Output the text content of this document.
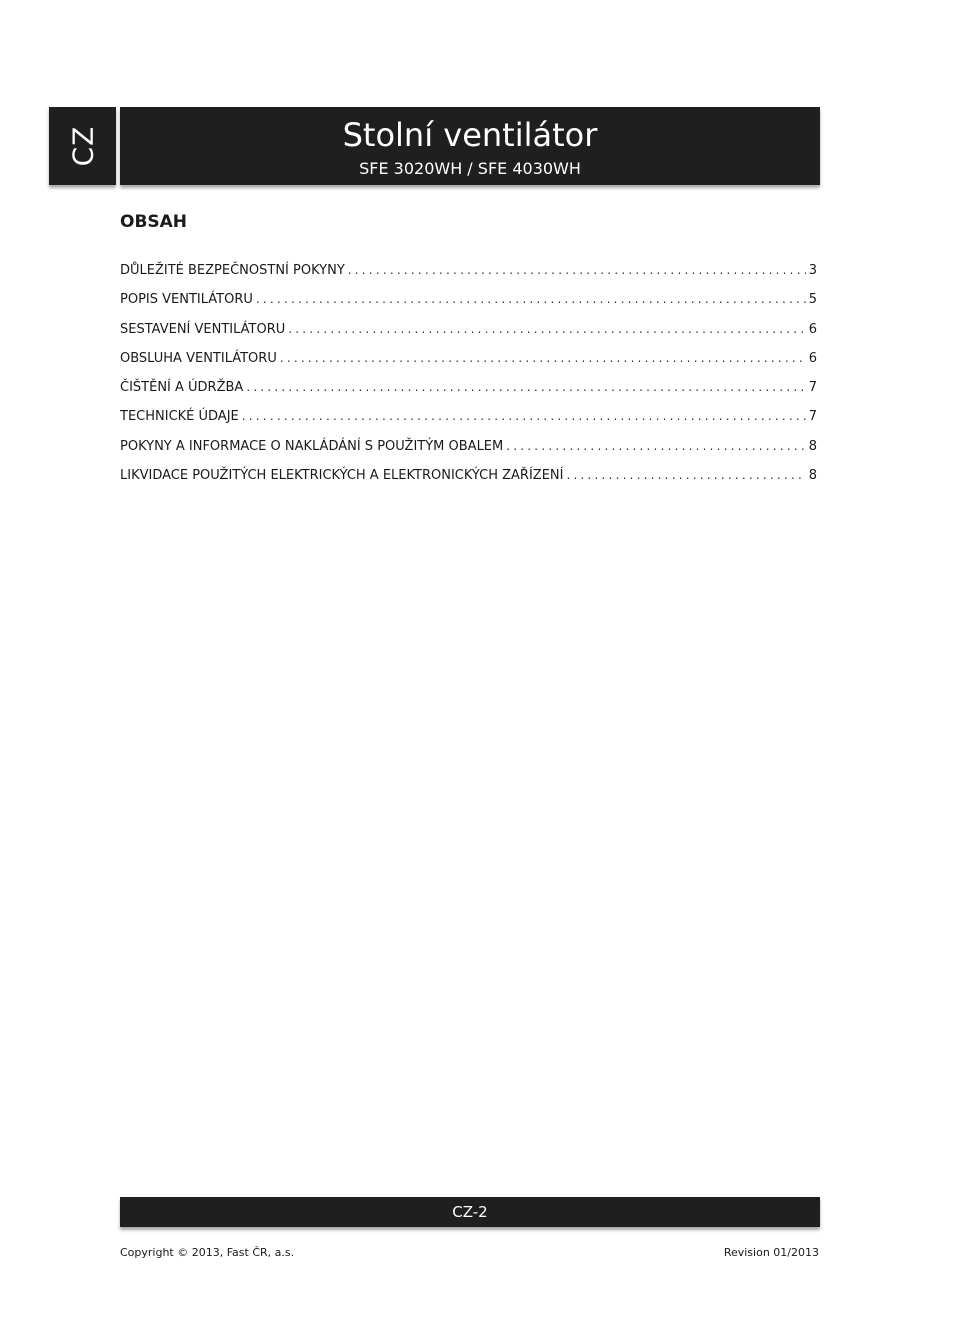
CZ	Stolní ventilátor
SFE 3020WH / SFE 4030WH
OBSAH
DŮLEŽITÉ BEZPEČNOSTNÍ POKYNY .....	3
POPIS VENTILÁTORU .....	5
SESTAVENÍ VENTILÁTORU .....	6
OBSLUHA VENTILÁTORU .....	6
ČIŠTĚNÍ A ÚDRŽBA .....	7
TECHNICKÉ ÚDAJE .....	7
POKYNY A INFORMACE O NAKLÁDÁNÍ S POUŽITÝM OBALEM .....	8
LIKVIDACE POUŽITÝCH ELEKTRICKÝCH A ELEKTRONICKÝCH ZAŘÍZENÍ .....	8
CZ-2
Copyright © 2013, Fast ČR, a.s.	Revision 01/2013
